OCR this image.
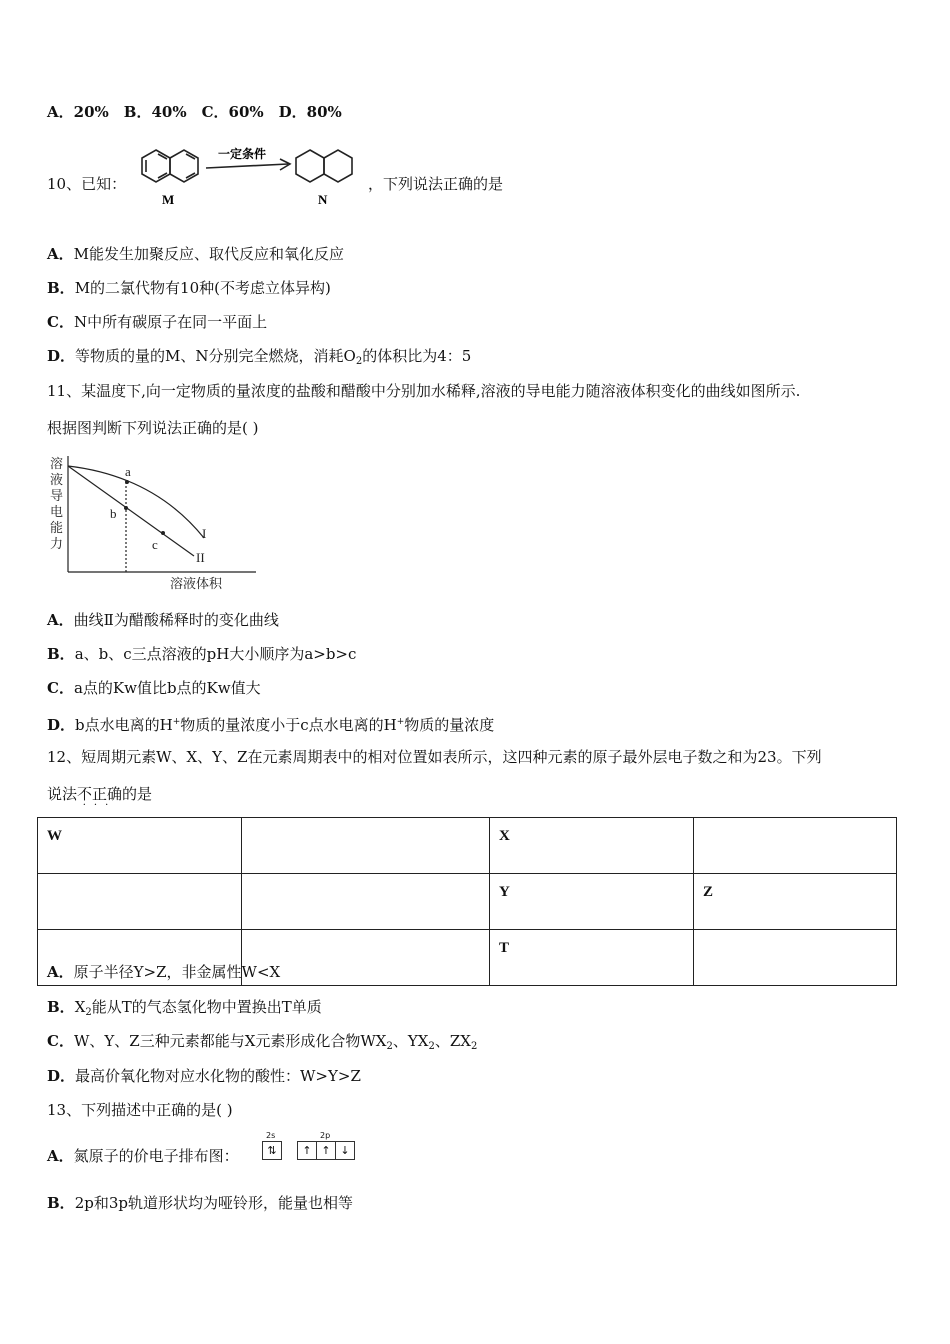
A．20%　B．40%　C．60%　D．80%
10、已知：
M
一定条件
N
，下列说法正确的是
A．M能发生加聚反应、取代反应和氧化反应
B．M的二氯代物有10种(不考虑立体异构)
C．N中所有碳原子在同一平面上
D．等物质的量的M、N分别完全燃烧，消耗$O_2$的体积比为4：5
11、某温度下,向一定物质的量浓度的盐酸和醋酸中分别加水稀释,溶液的导电能力随溶液体积变化的曲线如图所示.
根据图判断下列说法正确的是( )
溶
液
导
电
能
力
溶液体积
a
b
c
I
II
A．曲线Ⅱ为醋酸稀释时的变化曲线
B．a、b、c三点溶液的pH大小顺序为a>b>c
C．a点的Kw值比b点的Kw值大
D．b点水电离的H+物质的量浓度小于c点水电离的H+物质的量浓度
12、短周期元素W、X、Y、Z在元素周期表中的相对位置如表所示，这四种元素的原子最外层电子数之和为23。下列
说法不正确
···
的是
W		X	
		Y	Z
		T	
A．原子半径Y>Z，非金属性W<X
B．$X_2$能从T的气态氢化物中置换出T单质
C．W、Y、Z三种元素都能与X元素形成化合物$WX_2$、$YX_2$、$ZX_2$
D．最高价氧化物对应水化物的酸性：W>Y>Z
13、下列描述中正确的是( )
A．氮原子的价电子排布图：
2s	2p
⇅	↑ ↑ ↓
B．2p和3p轨道形状均为哑铃形，能量也相等
